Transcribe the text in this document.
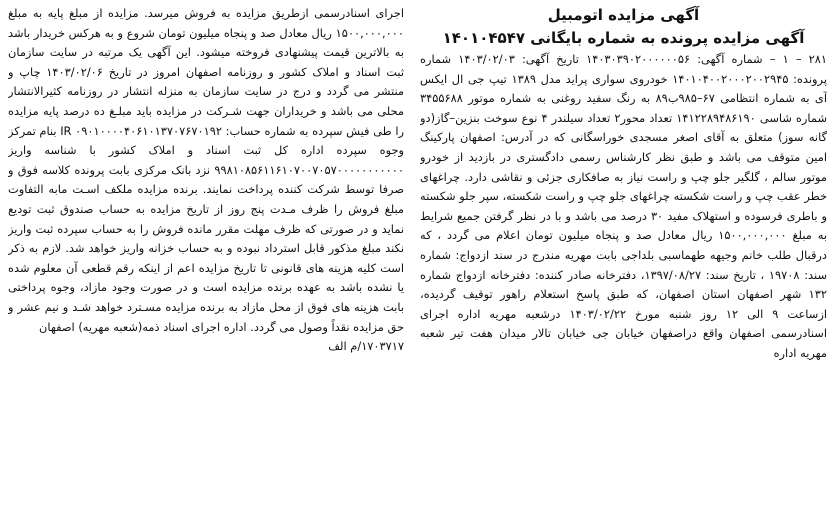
آگهی مزایده اتومبیل
آگهی مزایده پرونده به شماره بایگانی ۱۴۰۱۰۴۵۴۷

۲۸۱ – ۱ – شماره آگهی: ۱۴۰۳۰۳۹۰۲۰۰۰۰۰۰۵۶ تاریخ آگهی: ۱۴۰۳/۰۲/۰۳ شماره پرونده: ۱۴۰۱۰۴۰۰۲۰۰۰۲۰۰۲۹۴۵ خودروی سواری پراید مدل ۱۳۸۹ تیپ جی ال ایکس آی به شماره انتظامی ۶۷–۹۸۵ب۸۹ به رنگ سفید روغنی به شماره موتور ۳۴۵۵۶۸۸ شماره شاسی ۱۴۱۲۲۸۹۴۸۶۱۹۰ تعداد محور۲ تعداد سیلندر ۴ نوع سوخت بنزین–گاز(دو گانه سوز) متعلق به آقای اصغر مسجدی خوراسگانی که در آدرس: اصفهان پارکینگ امین متوقف می باشد و طبق نظر کارشناس رسمی دادگستری در بازدید از خودرو موتور سالم ، گلگیر جلو چپ و راست نیاز به صافکاری جزئی و نقاشی دارد. چراغهای خطر عقب چپ و راست شکسته چراغهای جلو چپ و راست شکسته، سپر جلو شکسته و باطری فرسوده و استهلاک مفید ۳۰ درصد می باشد و با در نظر گرفتن جمیع شرایط به مبلغ ۱۵۰۰,۰۰۰,۰۰۰ ریال معادل صد و پنجاه میلیون تومان اعلام می گردد ، که درقبال طلب خانم وجیهه طهماسبی بلداجی بابت مهریه مندرج در سند ازدواج: شماره سند: ۱۹۷۰۸ ، تاریخ سند: ۱۳۹۷/۰۸/۲۷، دفترخانه صادر کننده: دفترخانه ازدواج شماره ۱۳۲ شهر اصفهان استان اصفهان، که طبق پاسخ استعلام راهور توقیف گردیده، ازساعت ۹ الی ۱۲ روز شنبه مورخ ۱۴۰۳/۰۲/۲۲ درشعبه مهریه اداره اجرای اسنادرسمی اصفهان واقع دراصفهان خیابان جی خیابان تالار میدان هفت تیر شعبه مهریه اداره

اجرای اسنادرسمی ازطریق مزایده به فروش میرسد. مزایده از مبلغ پایه به مبلغ ۱۵۰۰,۰۰۰,۰۰۰ ریال معادل صد و پنجاه میلیون تومان شروع و به هرکس خریدار باشد به بالاترین قیمت پیشنهادی فروخته میشود. این آگهی یک مرتبه در سایت سازمان ثبت اسناد و املاک کشور و روزنامه اصفهان امروز در تاریخ ۱۴۰۳/۰۲/۰۶ چاپ و منتشر می گردد و درج در سایت سازمان به منزله انتشار در روزنامه کثیرالانتشار محلی می باشد و خریداران جهت شـرکت در مزایده باید مبلـغ ده درصد پایه مزایده را طی فیش سپرده به شماره حساب: IR ۰۹۰۱۰۰۰۰۴۰۶۱۰۱۳۷۰۷۶۷۰۱۹۲ بنام تمرکز وجوه سپرده اداره کل ثبت اسناد و املاک کشور با شناسه واریز ۹۹۸۱۰۸۵۶۱۱۶۱۰۷۰۰۷۰۵۷۰۰۰۰۰۰۰۰۰۰۰ نزد بانک مرکزی بابت پرونده کلاسه فوق و صرفا توسط شرکت کننده پرداخت نمایند. برنده مزایده ملکف اسـت مابه التفاوت مبلغ فروش را ظرف مـدت پنج روز از تاریخ مزایده به حساب صندوق ثبت تودیع نماید و در صورتی که ظرف مهلت مقرر مانده فروش را به حساب سپرده ثبت واریز نکند مبلغ مذکور قابل استرداد نبوده و به حساب خزانه واریز خواهد شد. لازم به ذکر است کلیه هزینه های قانونی تا تاریخ مزایده اعم از اینکه رقم قطعی آن معلوم شده یا نشده باشد به عهده برنده مزایده است و در صورت وجود مازاد، وجوه پرداختی بابت هزینه های فوق از محل مازاد به برنده مزایده مسـترد خواهد شـد و نیم عشر و حق مزایده نقداً وصول می گردد. اداره اجرای اسناد ذمه(شعبه مهریه) اصفهان

۱۷۰۳۷۱۷/م الف
